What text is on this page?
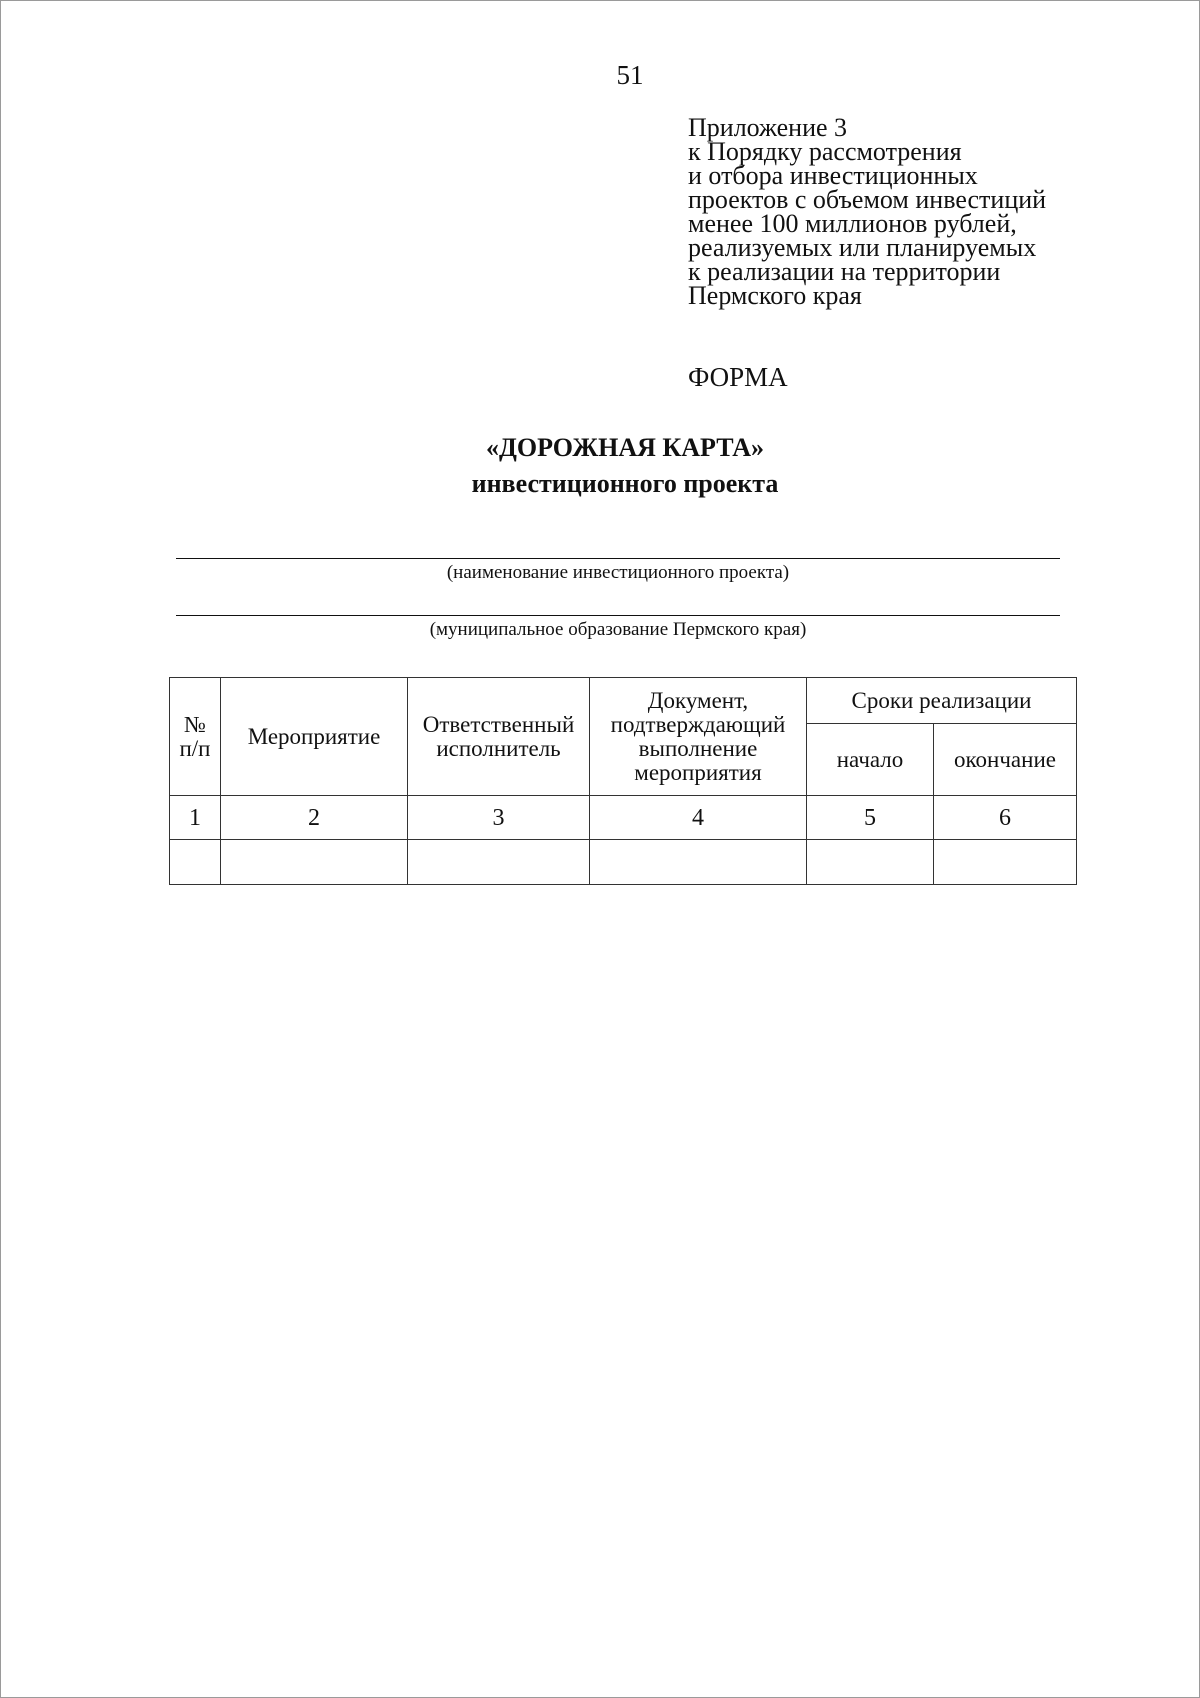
51
Приложение 3
к Порядку рассмотрения
и отбора инвестиционных
проектов с объемом инвестиций
менее 100 миллионов рублей,
реализуемых или планируемых
к реализации на территории
Пермского края
ФОРМА
«ДОРОЖНАЯ КАРТА»
инвестиционного проекта
(наименование инвестиционного проекта)
(муниципальное образование Пермского края)
№ п/п	Мероприятие	Ответственный исполнитель	Документ, подтверждающий выполнение мероприятия	Сроки реализации	
				начало	окончание
1	2	3	4	5	6
